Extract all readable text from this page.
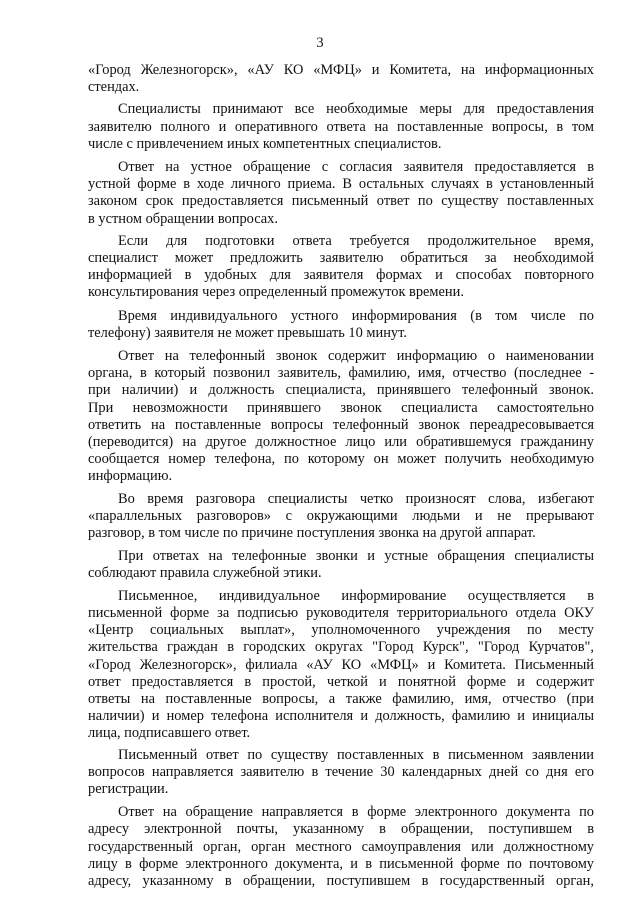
3
«Город Железногорск», «АУ КО «МФЦ» и Комитета, на информационных
стендах.
Специалисты принимают все необходимые меры для предоставления
заявителю полного и оперативного ответа на поставленные вопросы, в том
числе с привлечением иных компетентных специалистов.
Ответ на устное обращение с согласия заявителя предоставляется в
устной форме в ходе личного приема. В остальных случаях в установленный
законом срок предоставляется письменный ответ по существу поставленных
в устном обращении вопросах.
Если для подготовки ответа требуется продолжительное время,
специалист может предложить заявителю обратиться за необходимой
информацией в удобных для заявителя формах и способах повторного
консультирования через определенный промежуток времени.
Время индивидуального устного информирования (в том числе по
телефону) заявителя не может превышать 10 минут.
Ответ на телефонный звонок содержит информацию о наименовании
органа, в который позвонил заявитель, фамилию, имя, отчество (последнее -
при наличии) и должность специалиста, принявшего телефонный звонок.
При невозможности принявшего звонок специалиста самостоятельно
ответить на поставленные вопросы телефонный звонок переадресовывается
(переводится) на другое должностное лицо или обратившемуся гражданину
сообщается номер телефона, по которому он может получить необходимую
информацию.
Во время разговора специалисты четко произносят слова, избегают
«параллельных разговоров» с окружающими людьми и не прерывают
разговор, в том числе по причине поступления звонка на другой аппарат.
При ответах на телефонные звонки и устные обращения специалисты
соблюдают правила служебной этики.
Письменное, индивидуальное информирование осуществляется в
письменной форме за подписью руководителя территориального отдела ОКУ
«Центр социальных выплат», уполномоченного учреждения по месту
жительства граждан в городских округах "Город Курск", "Город Курчатов",
«Город Железногорск», филиала «АУ КО «МФЦ» и Комитета. Письменный
ответ предоставляется в простой, четкой и понятной форме и содержит
ответы на поставленные вопросы, а также фамилию, имя, отчество (при
наличии) и номер телефона исполнителя и должность, фамилию и инициалы
лица, подписавшего ответ.
Письменный ответ по существу поставленных в письменном заявлении
вопросов направляется заявителю в течение 30 календарных дней со дня его
регистрации.
Ответ на обращение направляется в форме электронного документа по
адресу электронной почты, указанному в обращении, поступившем в
государственный орган, орган местного самоуправления или должностному
лицу в форме электронного документа, и в письменной форме по почтовому
адресу, указанному в обращении, поступившем в государственный орган,
